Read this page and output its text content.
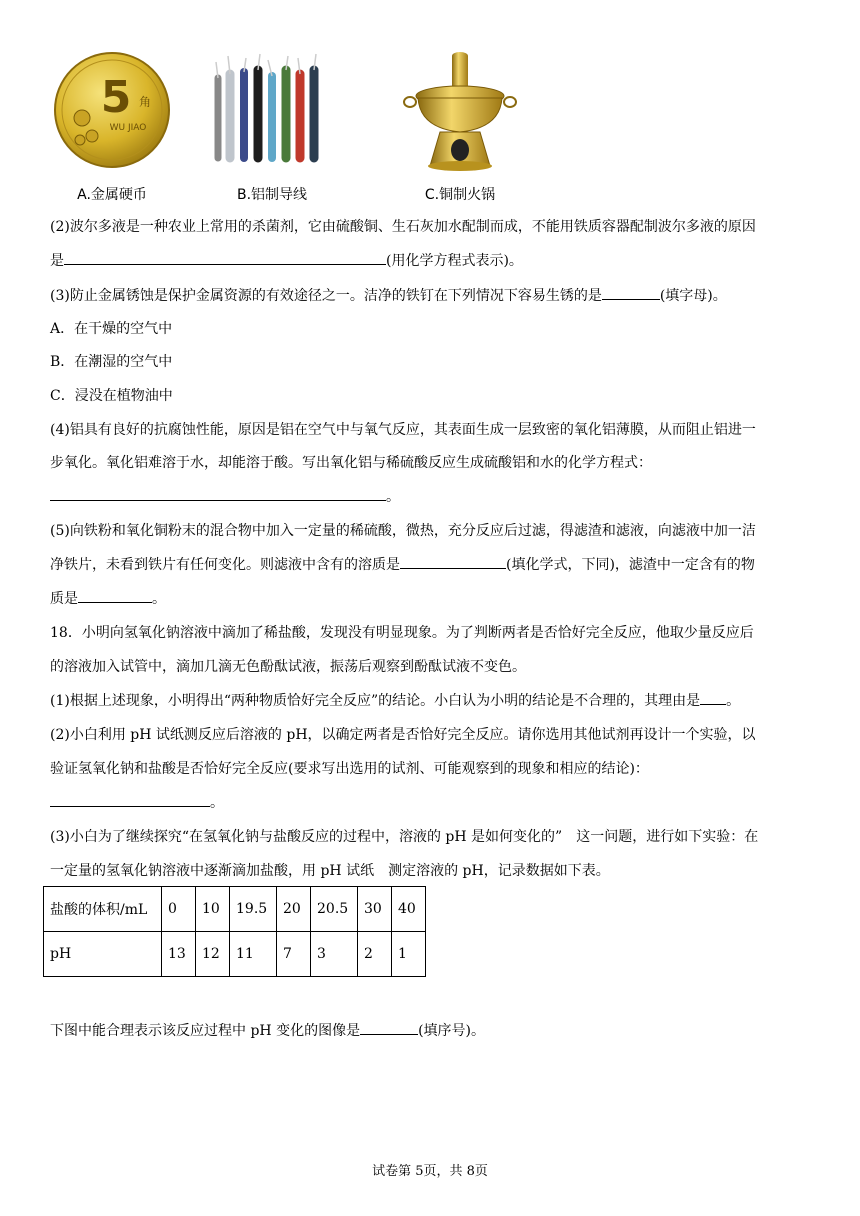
5 角
WU JIAO
A.金属硬币	B.铝制导线	C.铜制火锅
(2)波尔多液是一种农业上常用的杀菌剂，它由硫酸铜、生石灰加水配制而成，不能用铁质容器配制波尔多液的原因
是	(用化学方程式表示)。
(3)防止金属锈蚀是保护金属资源的有效途径之一。洁净的铁钉在下列情况下容易生锈的是	(填字母)。
A．在干燥的空气中
B．在潮湿的空气中
C．浸没在植物油中
(4)铝具有良好的抗腐蚀性能，原因是铝在空气中与氧气反应，其表面生成一层致密的氧化铝薄膜，从而阻止铝进一
步氧化。氧化铝难溶于水，却能溶于酸。写出氧化铝与稀硫酸反应生成硫酸铝和水的化学方程式：
。
(5)向铁粉和氧化铜粉末的混合物中加入一定量的稀硫酸，微热，充分反应后过滤，得滤渣和滤液，向滤液中加一洁
净铁片，未看到铁片有任何变化。则滤液中含有的溶质是	(填化学式，下同)，滤渣中一定含有的物
质是	。
18．小明向氢氧化钠溶液中滴加了稀盐酸，发现没有明显现象。为了判断两者是否恰好完全反应，他取少量反应后
的溶液加入试管中，滴加几滴无色酚酞试液，振荡后观察到酚酞试液不变色。
(1)根据上述现象，小明得出“两种物质恰好完全反应”的结论。小白认为小明的结论是不合理的，其理由是 。
(2)小白利用 pH 试纸测反应后溶液的 pH，以确定两者是否恰好完全反应。请你选用其他试剂再设计一个实验，以
验证氢氧化钠和盐酸是否恰好完全反应(要求写出选用的试剂、可能观察到的现象和相应的结论)：
。
(3)小白为了继续探究“在氢氧化钠与盐酸反应的过程中，溶液的 pH 是如何变化的”　这一问题，进行如下实验：在
一定量的氢氧化钠溶液中逐渐滴加盐酸，用 pH 试纸　测定溶液的 pH，记录数据如下表。
盐酸的体积/mL	0	10	19.5	20	20.5	30	40
pH	13	12	11	7	3	2	1
下图中能合理表示该反应过程中 pH 变化的图像是	(填序号)。
试卷第 5页，共 8页
